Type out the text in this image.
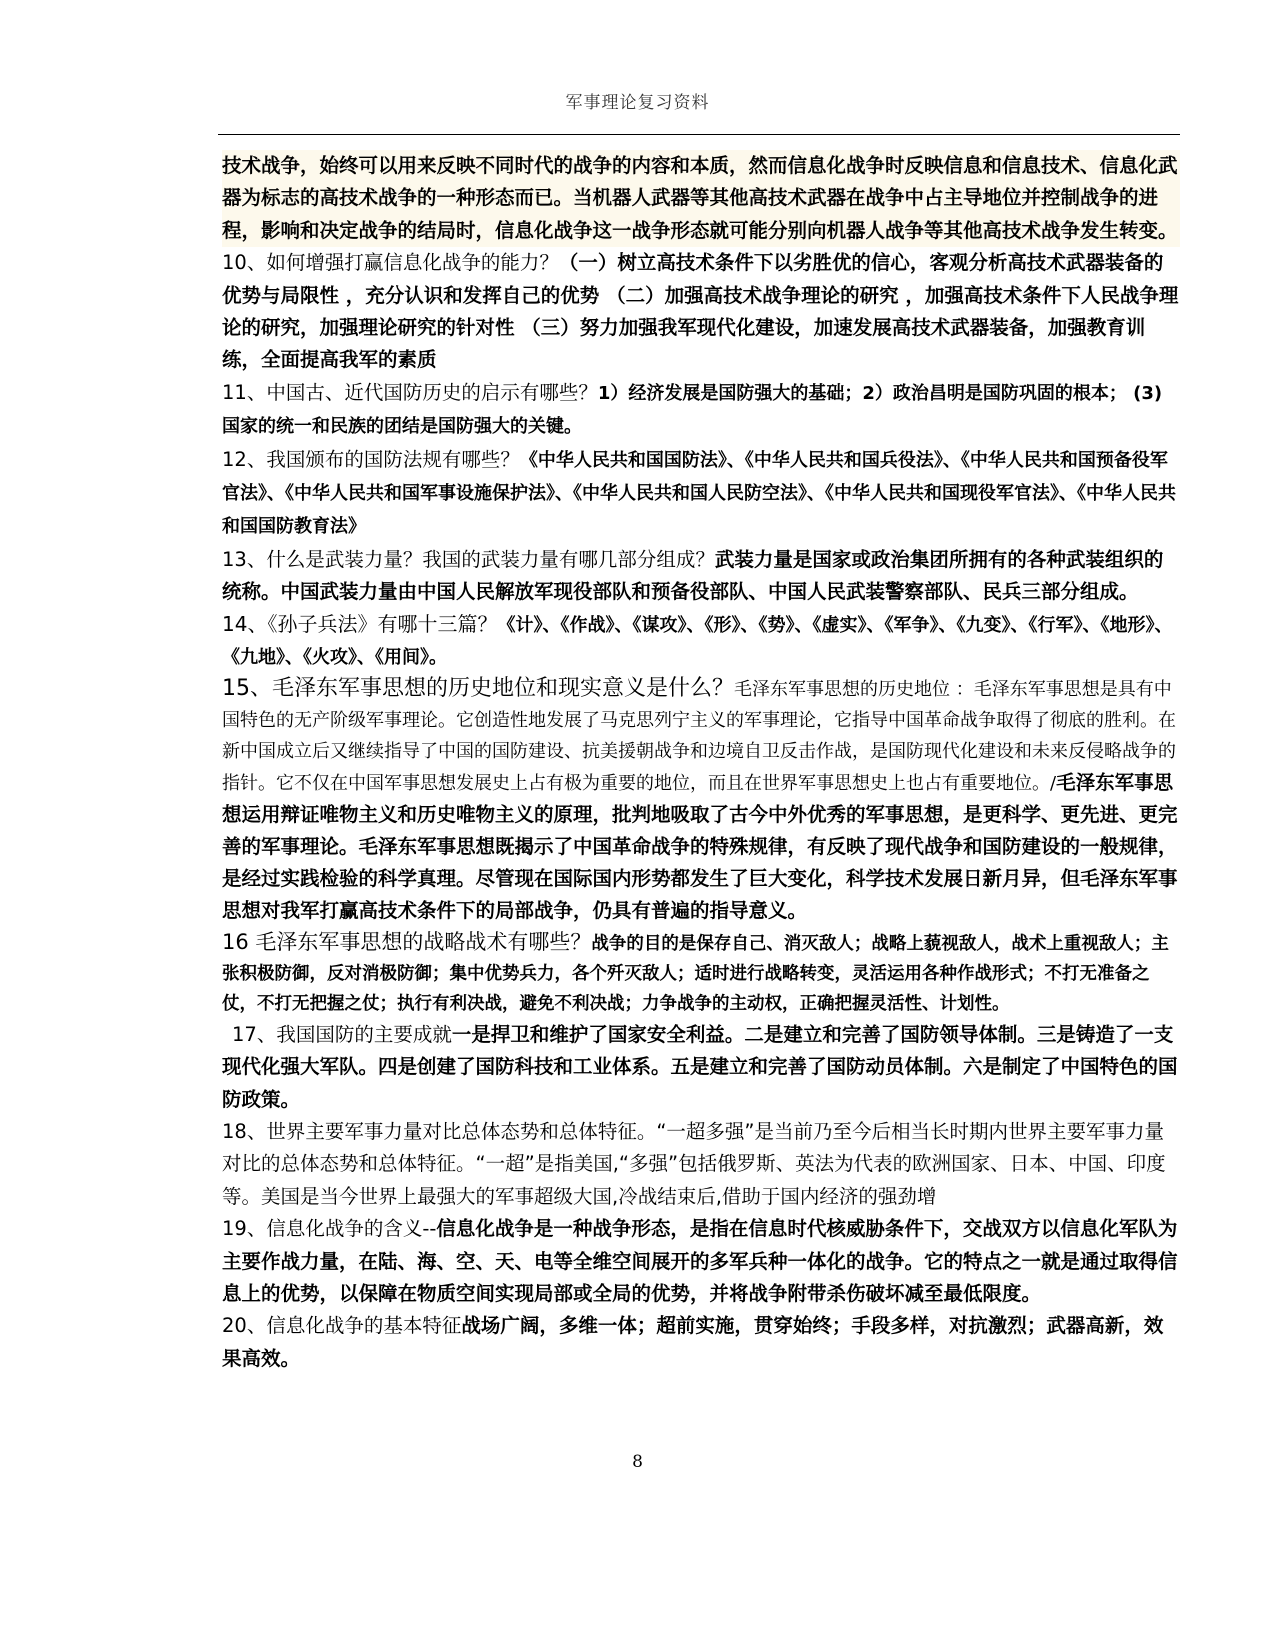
军事理论复习资料

技术战争，始终可以用来反映不同时代的战争的内容和本质，然而信息化战争时反映信息和信息技术、信息化武器为标志的高技术战争的一种形态而已。当机器人武器等其他高技术武器在战争中占主导地位并控制战争的进程，影响和决定战争的结局时，信息化战争这一战争形态就可能分别向机器人战争等其他高技术战争发生转变。

10、如何增强打赢信息化战争的能力？（一）树立高技术条件下以劣胜优的信心，客观分析高技术武器装备的优势与局限性 ，充分认识和发挥自己的优势 （二）加强高技术战争理论的研究 ，加强高技术条件下人民战争理论的研究，加强理论研究的针对性 （三）努力加强我军现代化建设，加速发展高技术武器装备，加强教育训练，全面提高我军的素质

11、中国古、近代国防历史的启示有哪些？1）经济发展是国防强大的基础；2）政治昌明是国防巩固的根本； (3) 国家的统一和民族的团结是国防强大的关键。

12、我国颁布的国防法规有哪些？《中华人民共和国国防法》、《中华人民共和国兵役法》、《中华人民共和国预备役军官法》、《中华人民共和国军事设施保护法》、《中华人民共和国人民防空法》、《中华人民共和国现役军官法》、《中华人民共和国国防教育法》

13、什么是武装力量？我国的武装力量有哪几部分组成？武装力量是国家或政治集团所拥有的各种武装组织的统称。中国武装力量由中国人民解放军现役部队和预备役部队、中国人民武装警察部队、民兵三部分组成。

14、《孙子兵法》有哪十三篇？《计》、《作战》、《谋攻》、《形》、《势》、《虚实》、《军争》、《九变》、《行军》、《地形》、《九地》、《火攻》、《用间》。

15、毛泽东军事思想的历史地位和现实意义是什么？毛泽东军事思想的历史地位 ：毛泽东军事思想是具有中国特色的无产阶级军事理论。它创造性地发展了马克思列宁主义的军事理论，它指导中国革命战争取得了彻底的胜利。在新中国成立后又继续指导了中国的国防建设、抗美援朝战争和边境自卫反击作战，是国防现代化建设和未来反侵略战争的指针。它不仅在中国军事思想发展史上占有极为重要的地位，而且在世界军事思想史上也占有重要地位。/毛泽东军事思想运用辩证唯物主义和历史唯物主义的原理，批判地吸取了古今中外优秀的军事思想，是更科学、更先进、更完善的军事理论。毛泽东军事思想既揭示了中国革命战争的特殊规律，有反映了现代战争和国防建设的一般规律，是经过实践检验的科学真理。尽管现在国际国内形势都发生了巨大变化，科学技术发展日新月异，但毛泽东军事思想对我军打赢高技术条件下的局部战争，仍具有普遍的指导意义。

16 毛泽东军事思想的战略战术有哪些？战争的目的是保存自己、消灭敌人；战略上藐视敌人，战术上重视敌人；主张积极防御，反对消极防御；集中优势兵力，各个歼灭敌人；适时进行战略转变，灵活运用各种作战形式；不打无准备之仗，不打无把握之仗；执行有利决战，避免不利决战；力争战争的主动权，正确把握灵活性、计划性。

17、我国国防的主要成就一是捍卫和维护了国家安全利益。二是建立和完善了国防领导体制。三是铸造了一支现代化强大军队。四是创建了国防科技和工业体系。五是建立和完善了国防动员体制。六是制定了中国特色的国防政策。

18、世界主要军事力量对比总体态势和总体特征。“一超多强”是当前乃至今后相当长时期内世界主要军事力量对比的总体态势和总体特征。“一超”是指美国,“多强”包括俄罗斯、英法为代表的欧洲国家、日本、中国、印度等。美国是当今世界上最强大的军事超级大国,冷战结束后,借助于国内经济的强劲增

19、信息化战争的含义--信息化战争是一种战争形态，是指在信息时代核威胁条件下，交战双方以信息化军队为主要作战力量，在陆、海、空、天、电等全维空间展开的多军兵种一体化的战争。它的特点之一就是通过取得信息上的优势，以保障在物质空间实现局部或全局的优势，并将战争附带杀伤破坏减至最低限度。

20、信息化战争的基本特征战场广阔，多维一体；超前实施，贯穿始终；手段多样，对抗激烈；武器高新，效果高效。

8
